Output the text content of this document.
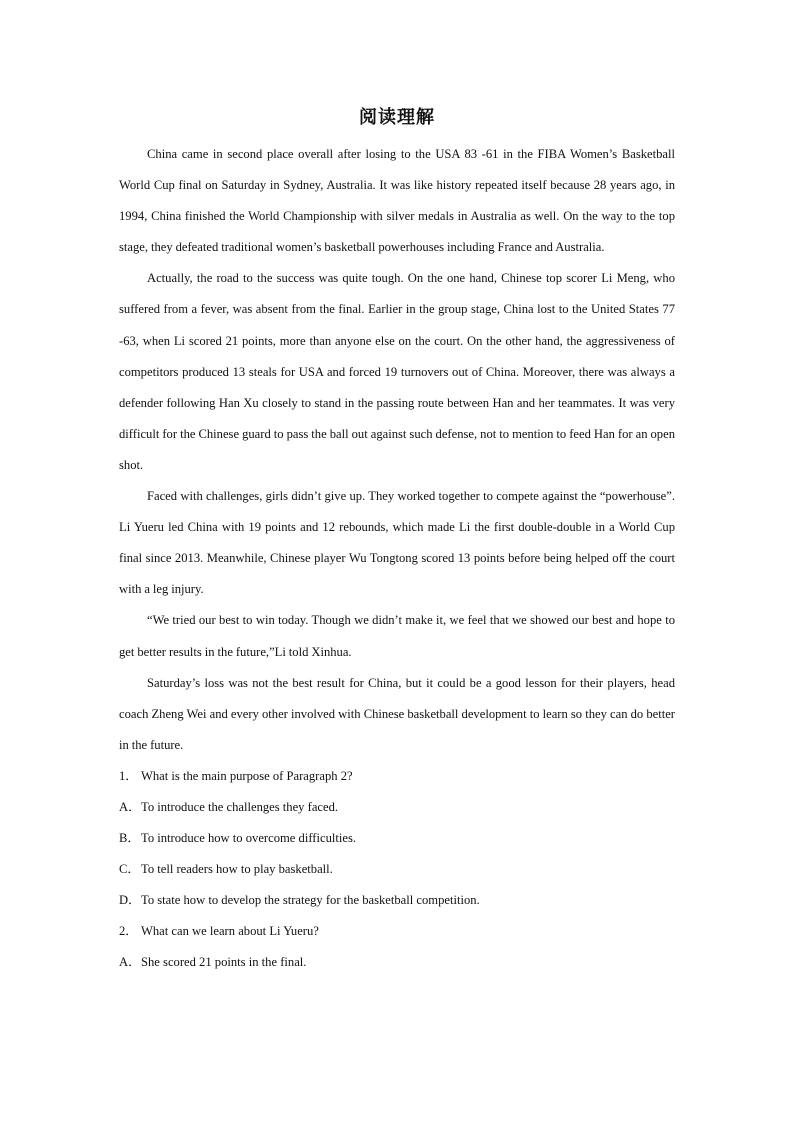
阅读理解

China came in second place overall after losing to the USA 83 -61 in the FIBA Women’s Basketball World Cup final on Saturday in Sydney, Australia. It was like history repeated itself because 28 years ago, in 1994, China finished the World Championship with silver medals in Australia as well. On the way to the top stage, they defeated traditional women’s basketball powerhouses including France and Australia.

Actually, the road to the success was quite tough. On the one hand, Chinese top scorer Li Meng, who suffered from a fever, was absent from the final. Earlier in the group stage, China lost to the United States 77 -63, when Li scored 21 points, more than anyone else on the court. On the other hand, the aggressiveness of competitors produced 13 steals for USA and forced 19 turnovers out of China. Moreover, there was always a defender following Han Xu closely to stand in the passing route between Han and her teammates. It was very difficult for the Chinese guard to pass the ball out against such defense, not to mention to feed Han for an open shot.

Faced with challenges, girls didn’t give up. They worked together to compete against the “powerhouse”. Li Yueru led China with 19 points and 12 rebounds, which made Li the first double-double in a World Cup final since 2013. Meanwhile, Chinese player Wu Tongtong scored 13 points before being helped off the court with a leg injury.

“We tried our best to win today. Though we didn’t make it, we feel that we showed our best and hope to get better results in the future,”Li told Xinhua.

Saturday’s loss was not the best result for China, but it could be a good lesson for their players, head coach Zheng Wei and every other involved with Chinese basketball development to learn so they can do better in the future.

1． What is the main purpose of Paragraph 2?
A．To introduce the challenges they faced.
B．To introduce how to overcome difficulties.
C．To tell readers how to play basketball.
D．To state how to develop the strategy for the basketball competition.
2． What can we learn about Li Yueru?
A．She scored 21 points in the final.
